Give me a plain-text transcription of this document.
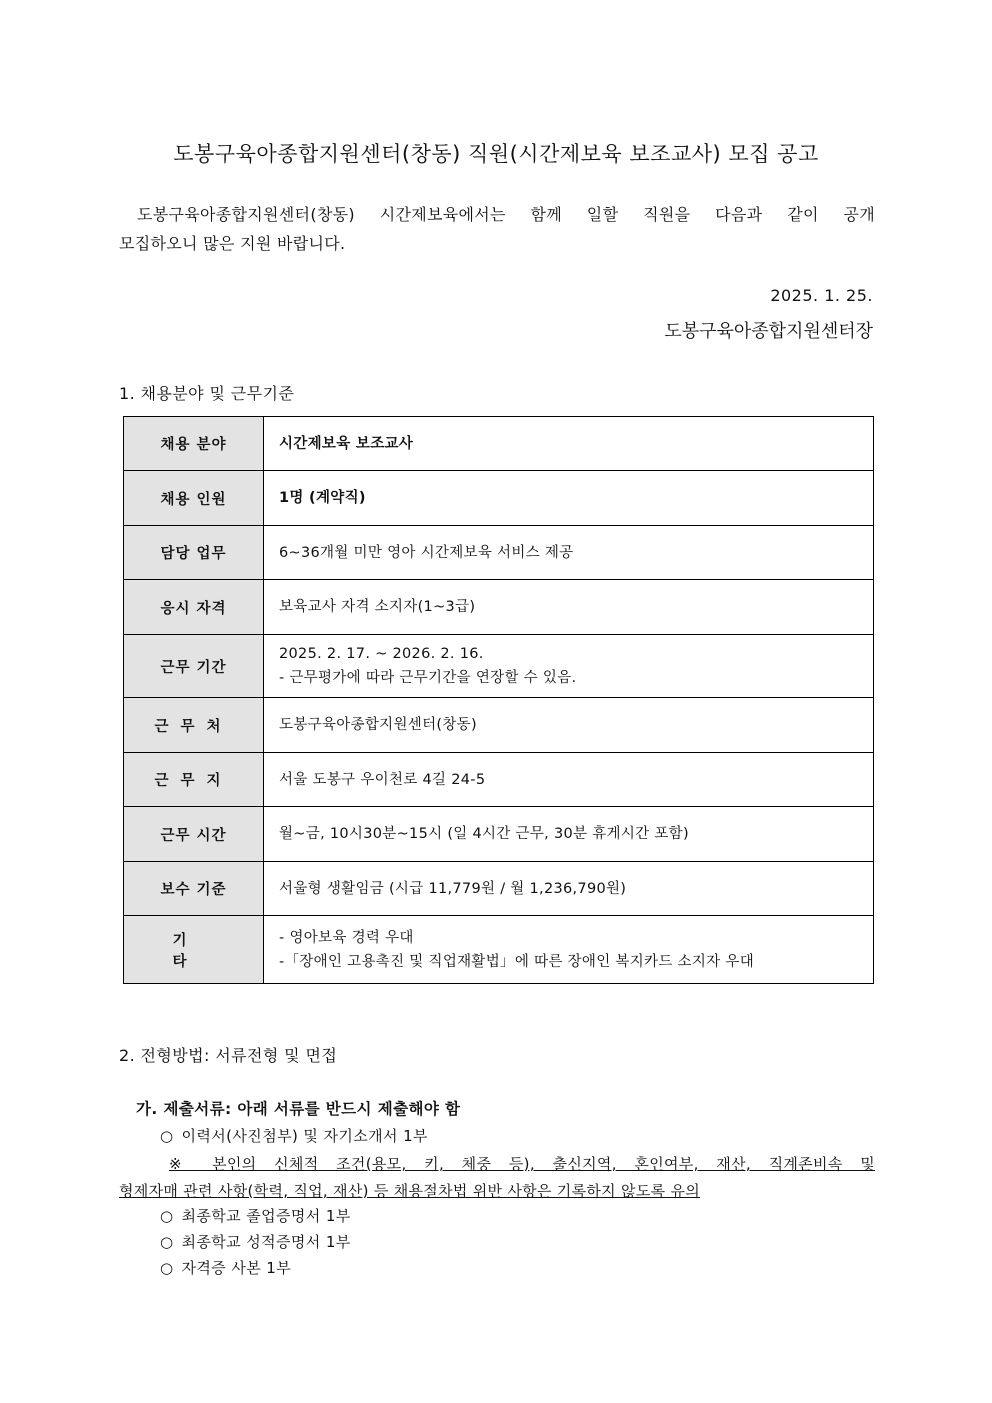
도봉구육아종합지원센터(창동) 직원(시간제보육 보조교사) 모집 공고
도봉구육아종합지원센터(창동) 시간제보육에서는 함께 일할 직원을 다음과 같이 공개
모집하오니 많은 지원 바랍니다.
2025. 1. 25.
도봉구육아종합지원센터장
1. 채용분야 및 근무기준
채용 분야	시간제보육 보조교사
채용 인원	1명 (계약직)
담당 업무	6~36개월 미만 영아 시간제보육 서비스 제공
응시 자격	보육교사 자격 소지자(1~3급)
근무 기간	2025. 2. 17. ~ 2026. 2. 16.
- 근무평가에 따라 근무기간을 연장할 수 있음.

근무처	도봉구육아종합지원센터(창동)
근무지	서울 도봉구 우이천로 4길 24-5
근무 시간	월~금, 10시30분~15시 (일 4시간 근무, 30분 휴게시간 포함)
보수 기준	서울형 생활임금 (시급 11,779원 / 월 1,236,790원)
기타	- 영아보육 경력 우대
-「장애인 고용촉진 및 직업재활법」에 따른 장애인 복지카드 소지자 우대
2. 전형방법: 서류전형 및 면접
가. 제출서류: 아래 서류를 반드시 제출해야 함
○ 이력서(사진첨부) 및 자기소개서 1부
※ 본인의 신체적 조건(용모, 키, 체중 등), 출신지역, 혼인여부, 재산, 직계존비속 및
형제자매 관련 사항(학력, 직업, 재산) 등 채용절차법 위반 사항은 기록하지 않도록 유의
○ 최종학교 졸업증명서 1부
○ 최종학교 성적증명서 1부
○ 자격증 사본 1부
